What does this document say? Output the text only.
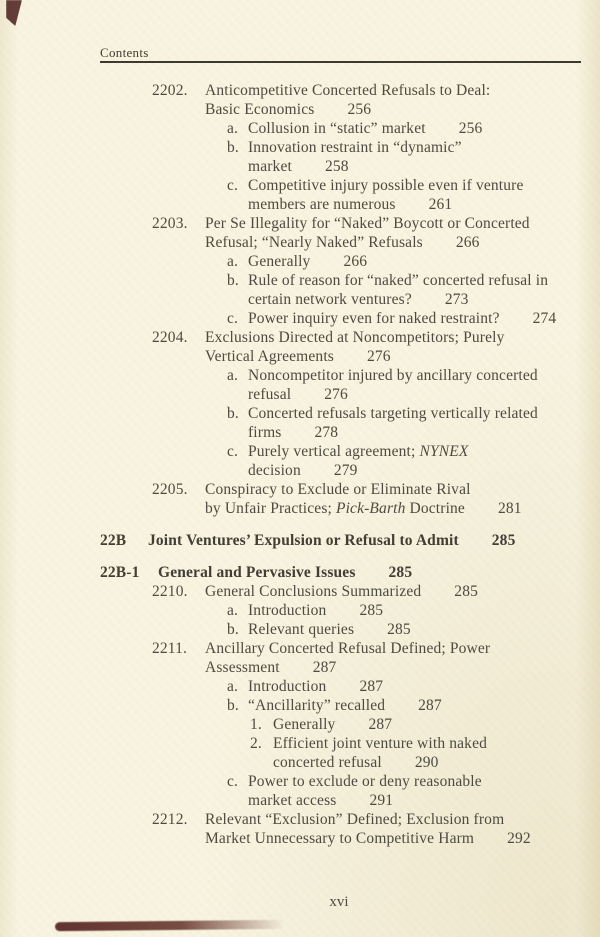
Contents
2202. Anticompetitive Concerted Refusals to Deal:
Basic Economics 256
a. Collusion in “static” market 256
b. Innovation restraint in “dynamic”
market 258
c. Competitive injury possible even if venture
members are numerous 261
2203. Per Se Illegality for “Naked” Boycott or Concerted
Refusal; “Nearly Naked” Refusals 266
a. Generally 266
b. Rule of reason for “naked” concerted refusal in
certain network ventures? 273
c. Power inquiry even for naked restraint? 274
2204. Exclusions Directed at Noncompetitors; Purely
Vertical Agreements 276
a. Noncompetitor injured by ancillary concerted
refusal 276
b. Concerted refusals targeting vertically related
firms 278
c. Purely vertical agreement; NYNEX
decision 279
2205. Conspiracy to Exclude or Eliminate Rival
by Unfair Practices; Pick-Barth Doctrine 281
22B Joint Ventures’ Expulsion or Refusal to Admit 285
22B-1 General and Pervasive Issues 285
2210. General Conclusions Summarized 285
a. Introduction 285
b. Relevant queries 285
2211. Ancillary Concerted Refusal Defined; Power
Assessment 287
a. Introduction 287
b. “Ancillarity” recalled 287
1. Generally 287
2. Efficient joint venture with naked
concerted refusal 290
c. Power to exclude or deny reasonable
market access 291
2212. Relevant “Exclusion” Defined; Exclusion from
Market Unnecessary to Competitive Harm 292
xvi
